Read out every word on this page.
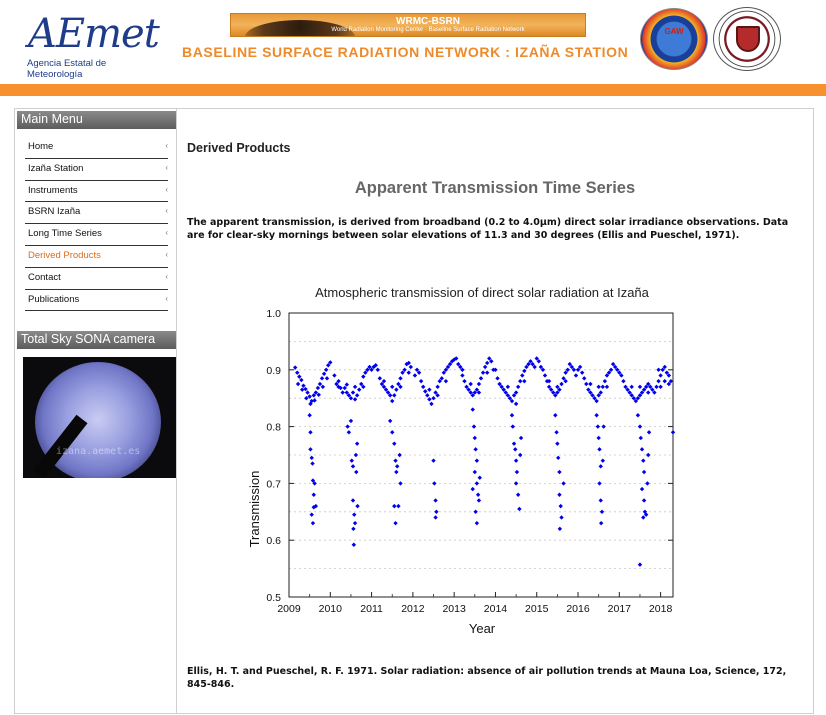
AEmet
Agencia Estatal de Meteorología
WRMC-BSRN
World Radiation Monitoring Center · Baseline Surface Radiation Network
BASELINE SURFACE RADIATION NETWORK : IZAÑA STATION
GAW
Main Menu
Home	‹
Izaña Station	‹
Instruments	‹
BSRN Izaña	‹
Long Time Series	‹
Derived Products	‹
Contact	‹
Publications	‹
Total Sky SONA camera
izana.aemet.es
Derived Products
Apparent Transmission Time Series
The apparent transmission, is derived from broadband (0.2 to 4.0µm) direct solar irradiance observations. Data are for clear-sky mornings between solar elevations of 11.3 and 30 degrees (Ellis and Pueschel, 1971).
Atmospheric transmission of direct solar radiation at Izaña
2009 2010 2011 2012 2013 2014 2015 2016 2017 2018
0.5
0.6
0.7
0.8
0.9
1.0
Year
Transmission
Ellis, H. T. and Pueschel, R. F. 1971. Solar radiation: absence of air pollution trends at Mauna Loa, Science, 172, 845-846.
